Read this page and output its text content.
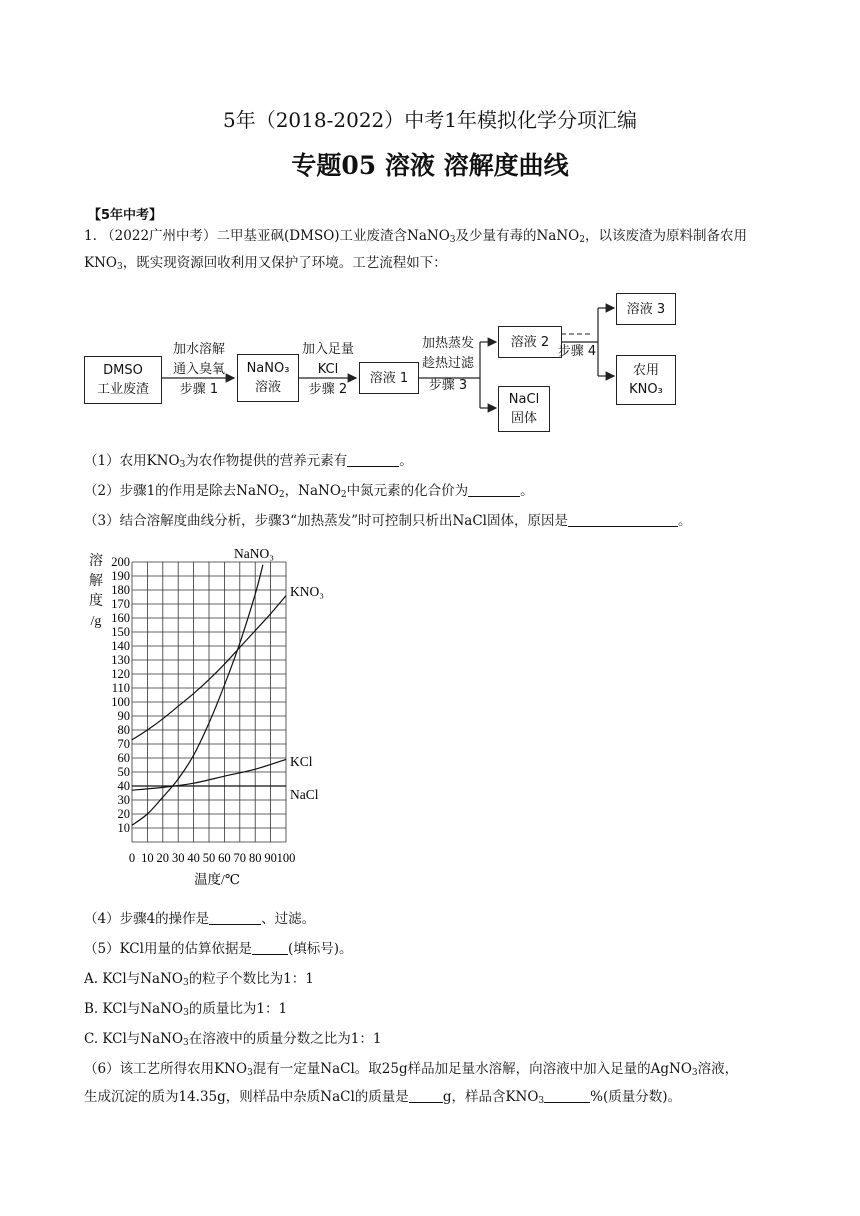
5年（2018-2022）中考1年模拟化学分项汇编
专题05 溶液 溶解度曲线
【5年中考】
1. （2022广州中考）二甲基亚砜(DMSO)工业废渣含NaNO$_3$及少量有毒的NaNO$_2$，以该废渣为原料制备农用
$KNO_3$，既实现资源回收利用又保护了环境。工艺流程如下：
DMSO
工业废渣
NaNO₃
溶液
溶液 1
溶液 2
NaCl
固体
溶液 3
农用
KNO₃
加水溶解
通入臭氧
步骤 1
加入足量
KCl
步骤 2
加热蒸发
趁热过滤
步骤 3
步骤 4
（1）农用$KNO_3$为农作物提供的营养元素有	。
（2）步骤1的作用是除去NaNO$_2$，NaNO$_2$中氮元素的化合价为	。
（3）结合溶解度曲线分析，步骤3“加热蒸发”时可控制只析出NaCl固体，原因是	。
溶
解
度
/g
10
20
30
40
50
60
70
80
90
100
110
120
130
140
150
160
170
180
190
200
0 10 20 30 40 50 60 70 80 90 100
温度/℃
NaNO₃
KNO₃
KCl
NaCl
（4）步骤4的操作是	、过滤。
（5）KCl用量的估算依据是	(填标号)。
A. KCl与NaNO$_3$的粒子个数比为1：1
B. KCl与NaNO$_3$的质量比为1：1
C. KCl与NaNO$_3$在溶液中的质量分数之比为1：1
（6）该工艺所得农用$KNO_3$混有一定量NaCl。取25g样品加足量水溶解，向溶液中加入足量的AgNO$_3$溶液，
生成沉淀的质为14.35g，则样品中杂质NaCl的质量是	g，样品含$KNO_3$	%(质量分数)。
